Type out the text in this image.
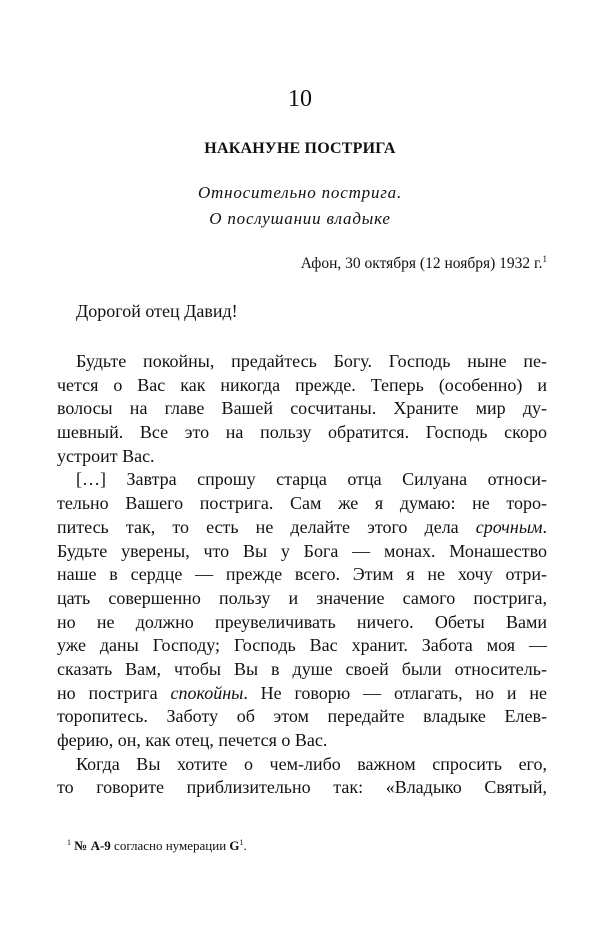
10
НАКАНУНЕ ПОСТРИГА
Относительно пострига.
О послушании владыке
Афон, 30 октября (12 ноября) 1932 г.$^1$
Дорогой отец Давид!
Будьте покойны, предайтесь Богу. Господь ныне пе-
чется о Вас как никогда прежде. Теперь (особенно) и
волосы на главе Вашей сосчитаны. Храните мир ду-
шевный. Все это на пользу обратится. Господь скоро
устроит Вас.
[…] Завтра спрошу старца отца Силуана относи-
тельно Вашего пострига. Сам же я думаю: не торо-
питесь так, то есть не делайте этого дела срочным.
Будьте уверены, что Вы у Бога — монах. Монашество
наше в сердце — прежде всего. Этим я не хочу отри-
цать совершенно пользу и значение самого пострига,
но не должно преувеличивать ничего. Обеты Вами
уже даны Господу; Господь Вас хранит. Забота моя —
сказать Вам, чтобы Вы в душе своей были относитель-
но пострига спокойны. Не говорю — отлагать, но и не
торопитесь. Заботу об этом передайте владыке Елев-
ферию, он, как отец, печется о Вас.
Когда Вы хотите о чем-либо важном спросить его,
то говорите приблизительно так: «Владыко Святый,
$^1$ № А-9 согласно нумерации $G^1$.
